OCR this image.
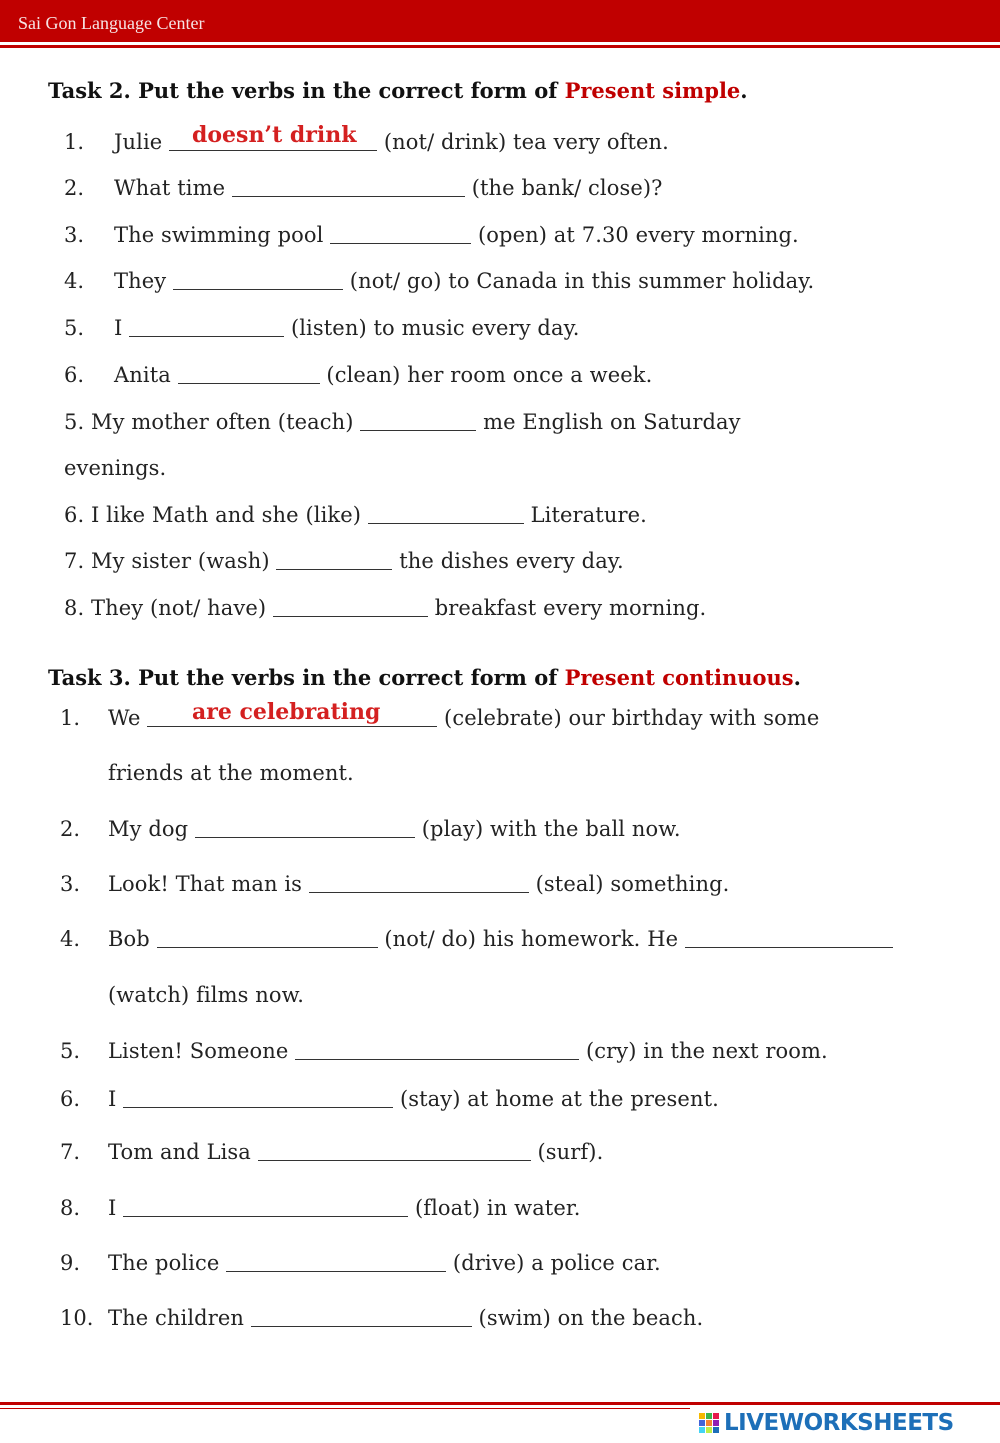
Sai Gon Language Center
Task 2. Put the verbs in the correct form of Present simple.
1. Julie	(not/ drink) tea very often.
doesn’t drink
2. What time	(the bank/ close)?
3. The swimming pool	(open) at 7.30 every morning.
4. They	(not/ go) to Canada in this summer holiday.
5. I	(listen) to music every day.
6. Anita	(clean) her room once a week.
5. My mother often (teach)	me English on Saturday
evenings.
6. I like Math and she (like)	Literature.
7. My sister (wash)	the dishes every day.
8. They (not/ have)	breakfast every morning.
Task 3. Put the verbs in the correct form of Present continuous.
1. We	(celebrate) our birthday with some
are celebrating
friends at the moment.
2. My dog	(play) with the ball now.
3. Look! That man is	(steal) something.
4. Bob	(not/ do) his homework. He
(watch) films now.
5. Listen! Someone	(cry) in the next room.
6. I	(stay) at home at the present.
7. Tom and Lisa	(surf).
8. I	(float) in water.
9. The police	(drive) a police car.
10. The children	(swim) on the beach.
LIVEWORKSHEETS
